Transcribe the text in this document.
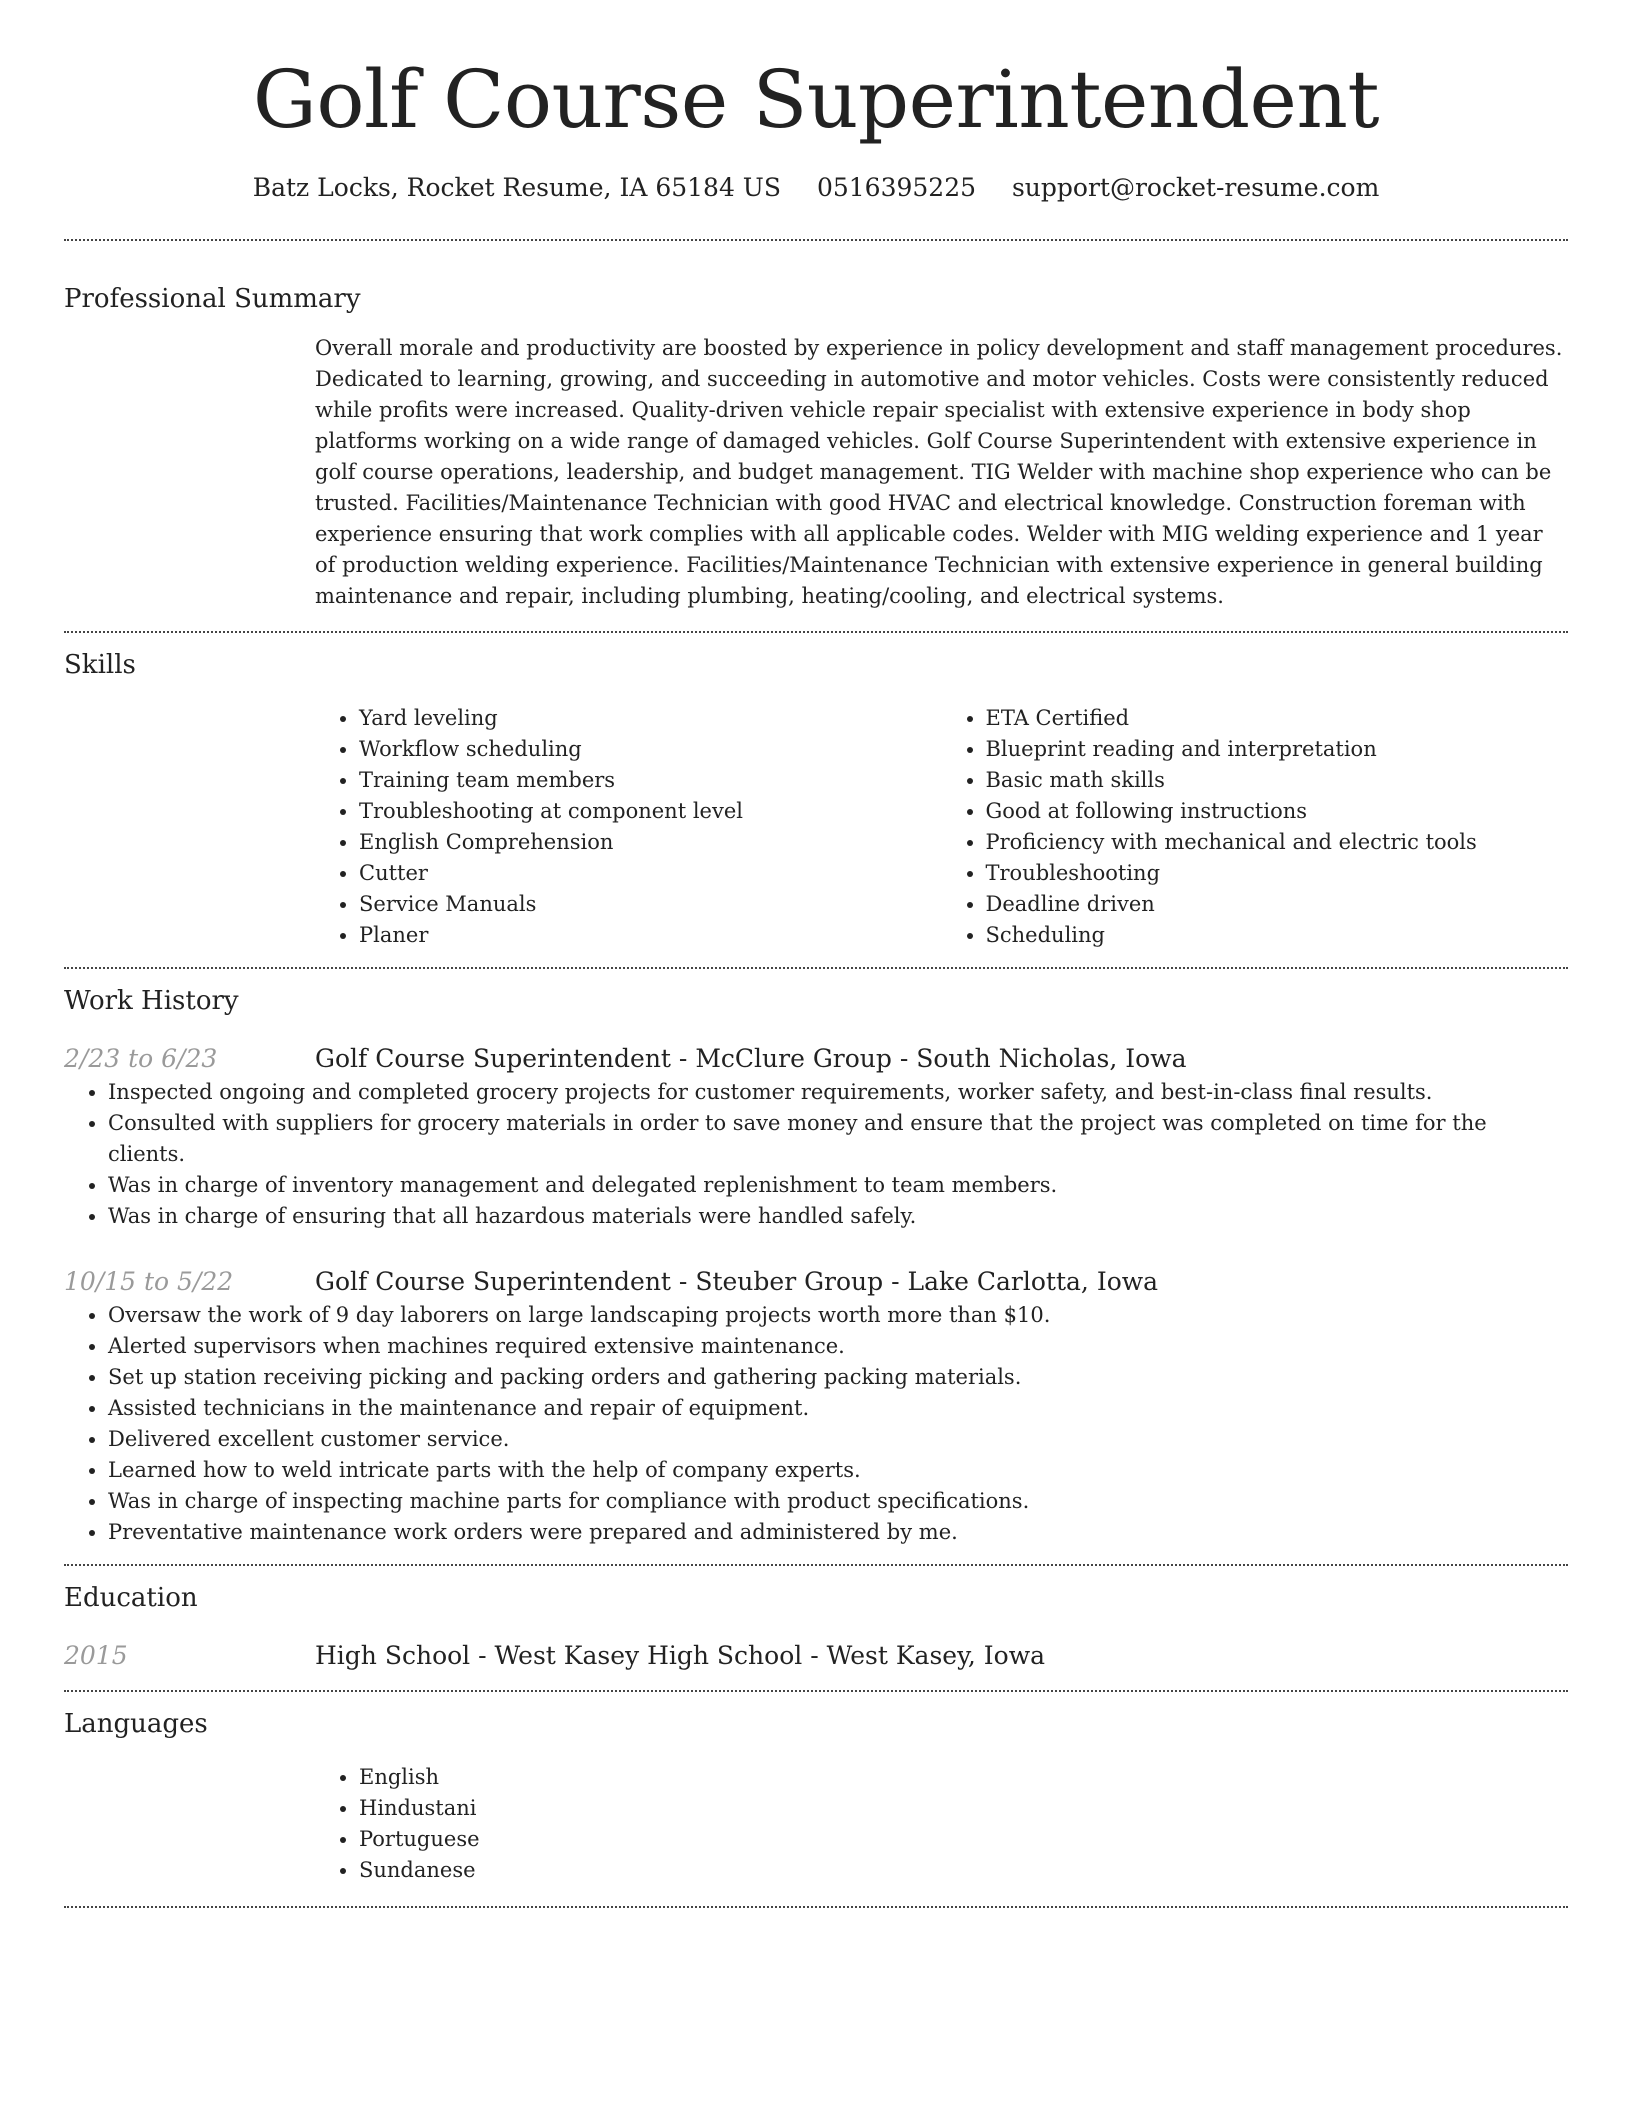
Golf Course Superintendent
Batz Locks, Rocket Resume, IA 65184 US 0516395225 support@rocket-resume.com
Professional Summary
Overall morale and productivity are boosted by experience in policy development and staff management procedures. Dedicated to learning, growing, and succeeding in automotive and motor vehicles. Costs were consistently reduced while profits were increased. Quality-driven vehicle repair specialist with extensive experience in body shop platforms working on a wide range of damaged vehicles. Golf Course Superintendent with extensive experience in golf course operations, leadership, and budget management. TIG Welder with machine shop experience who can be trusted. Facilities/Maintenance Technician with good HVAC and electrical knowledge. Construction foreman with experience ensuring that work complies with all applicable codes. Welder with MIG welding experience and 1 year of production welding experience. Facilities/Maintenance Technician with extensive experience in general building maintenance and repair, including plumbing, heating/cooling, and electrical systems.
Skills
• Yard leveling
• Workflow scheduling
• Training team members
• Troubleshooting at component level
• English Comprehension
• Cutter
• Service Manuals
• Planer
• ETA Certified
• Blueprint reading and interpretation
• Basic math skills
• Good at following instructions
• Proficiency with mechanical and electric tools
• Troubleshooting
• Deadline driven
• Scheduling
Work History
2/23 to 6/23	Golf Course Superintendent - McClure Group - South Nicholas, Iowa
• Inspected ongoing and completed grocery projects for customer requirements, worker safety, and best-in-class final results.
• Consulted with suppliers for grocery materials in order to save money and ensure that the project was completed on time for the clients.
• Was in charge of inventory management and delegated replenishment to team members.
• Was in charge of ensuring that all hazardous materials were handled safely.
10/15 to 5/22	Golf Course Superintendent - Steuber Group - Lake Carlotta, Iowa
• Oversaw the work of 9 day laborers on large landscaping projects worth more than $10.
• Alerted supervisors when machines required extensive maintenance.
• Set up station receiving picking and packing orders and gathering packing materials.
• Assisted technicians in the maintenance and repair of equipment.
• Delivered excellent customer service.
• Learned how to weld intricate parts with the help of company experts.
• Was in charge of inspecting machine parts for compliance with product specifications.
• Preventative maintenance work orders were prepared and administered by me.
Education
2015	High School - West Kasey High School - West Kasey, Iowa
Languages
• English
• Hindustani
• Portuguese
• Sundanese
